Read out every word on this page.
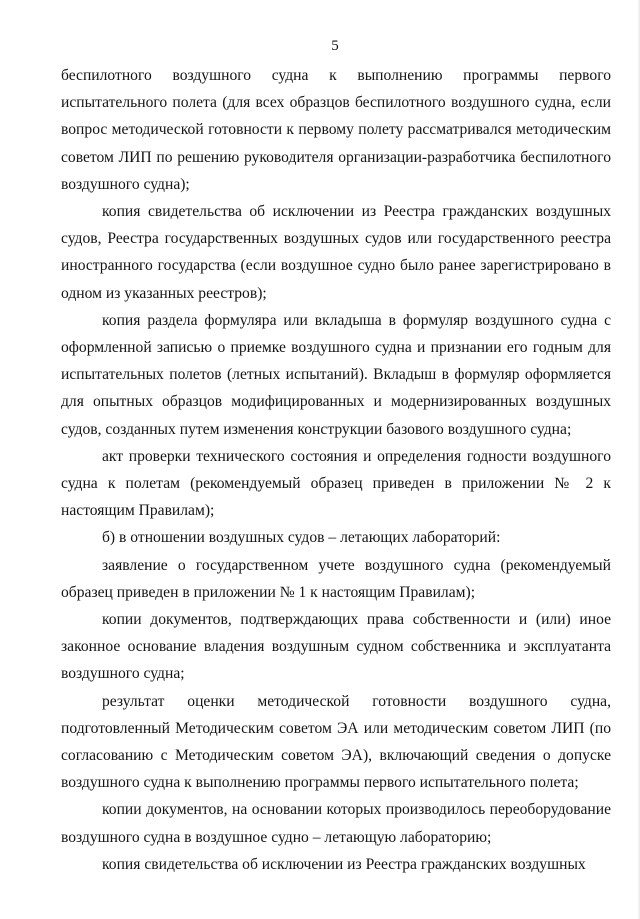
5

беспилотного воздушного судна к выполнению программы первого испытательного полета (для всех образцов беспилотного воздушного судна, если вопрос методической готовности к первому полету рассматривался методическим советом ЛИП по решению руководителя организации-разработчика беспилотного воздушного судна);

копия свидетельства об исключении из Реестра гражданских воздушных судов, Реестра государственных воздушных судов или государственного реестра иностранного государства (если воздушное судно было ранее зарегистрировано в одном из указанных реестров);

копия раздела формуляра или вкладыша в формуляр воздушного судна с оформленной записью о приемке воздушного судна и признании его годным для испытательных полетов (летных испытаний). Вкладыш в формуляр оформляется для опытных образцов модифицированных и модернизированных воздушных судов, созданных путем изменения конструкции базового воздушного судна;

акт проверки технического состояния и определения годности воздушного судна к полетам (рекомендуемый образец приведен в приложении № 2 к настоящим Правилам);

б) в отношении воздушных судов – летающих лабораторий:

заявление о государственном учете воздушного судна (рекомендуемый образец приведен в приложении № 1 к настоящим Правилам);

копии документов, подтверждающих права собственности и (или) иное законное основание владения воздушным судном собственника и эксплуатанта воздушного судна;

результат оценки методической готовности воздушного судна, подготовленный Методическим советом ЭА или методическим советом ЛИП (по согласованию с Методическим советом ЭА), включающий сведения о допуске воздушного судна к выполнению программы первого испытательного полета;

копии документов, на основании которых производилось переоборудование воздушного судна в воздушное судно – летающую лабораторию;

копия свидетельства об исключении из Реестра гражданских воздушных
